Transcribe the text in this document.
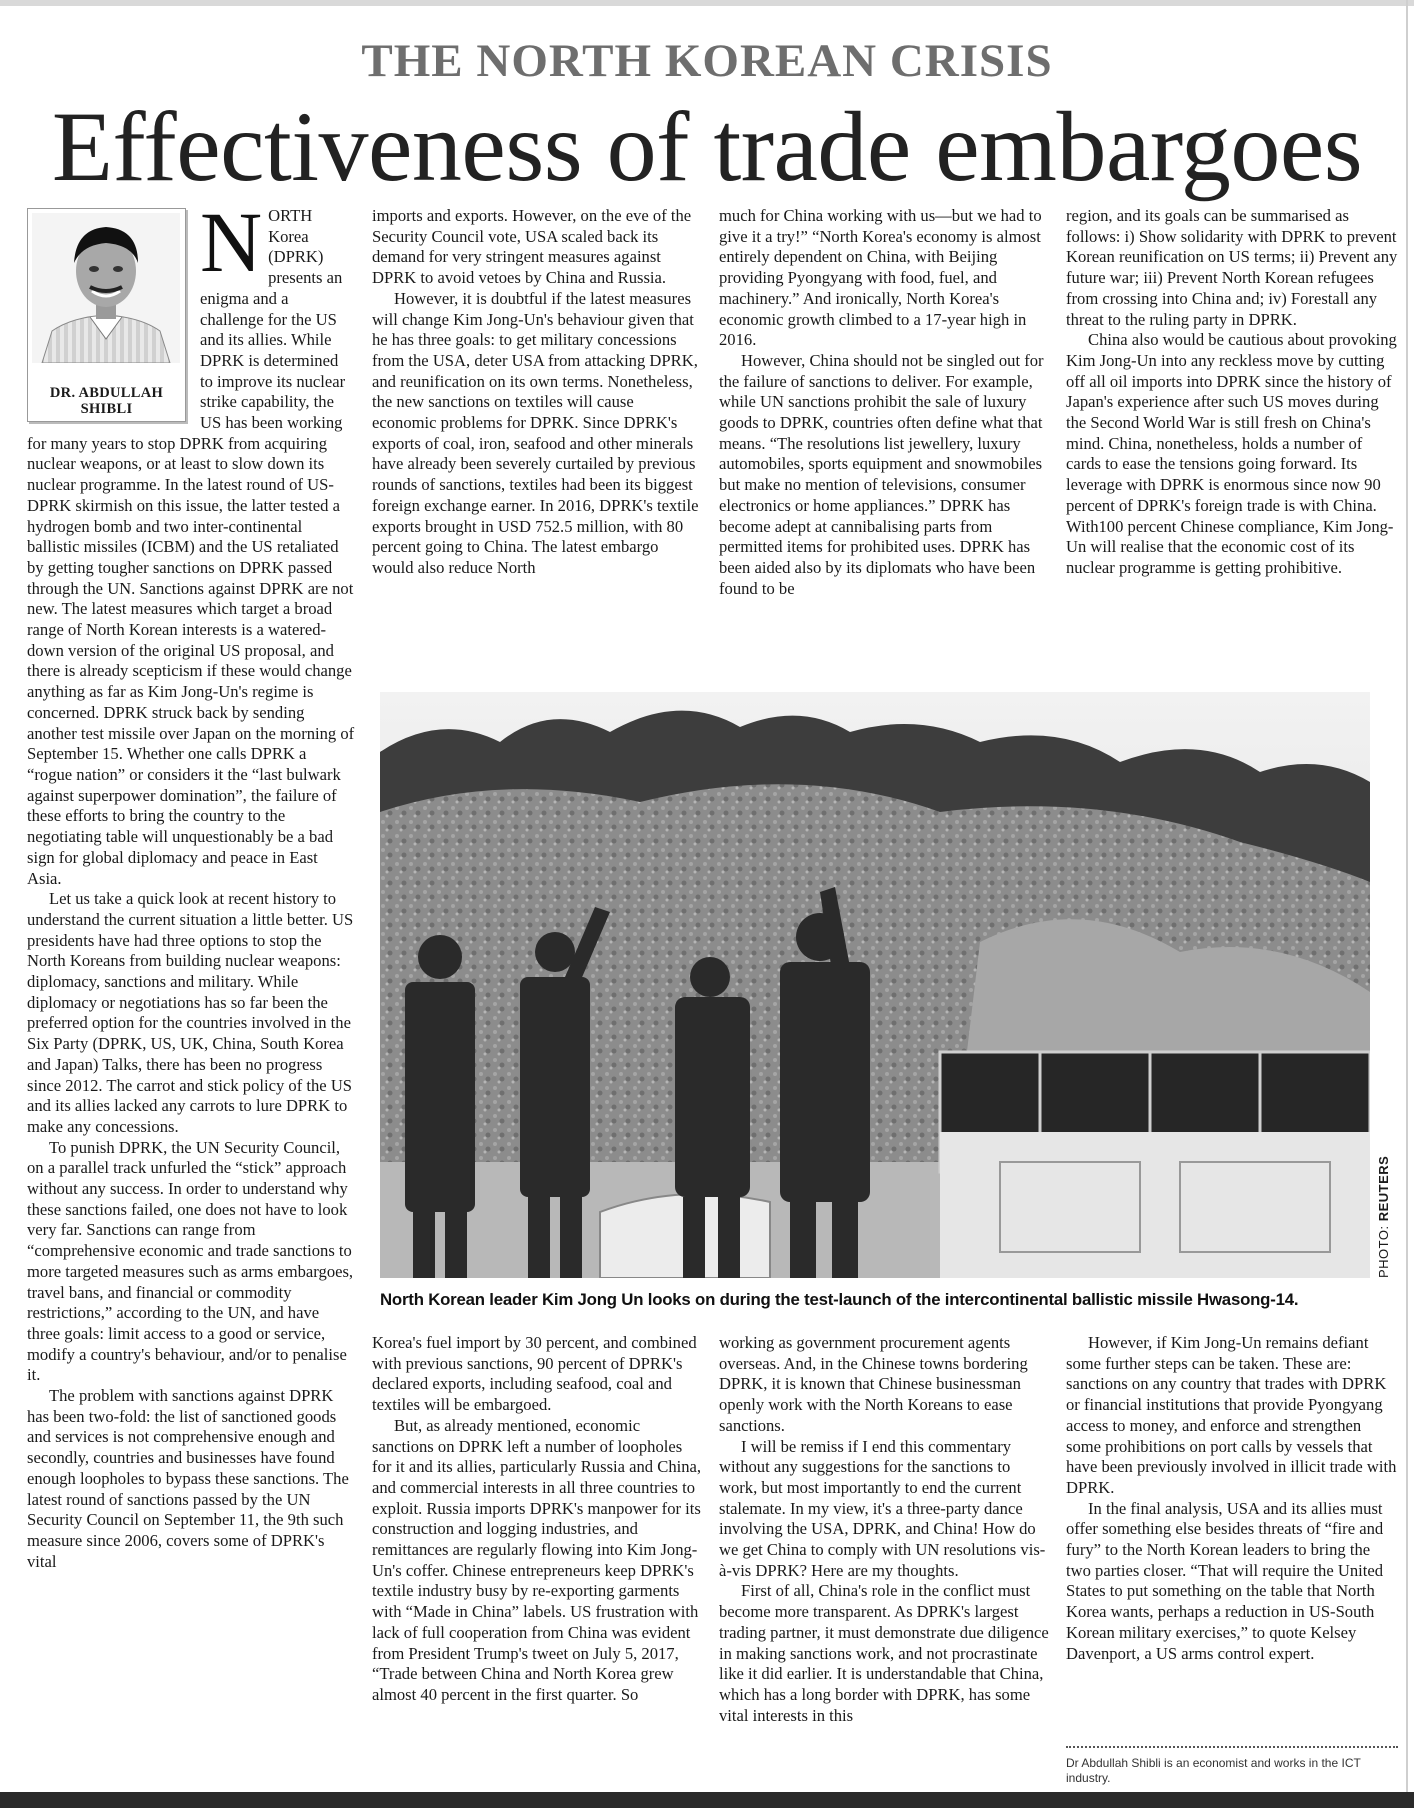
THE NORTH KOREAN CRISIS
Effectiveness of trade embargoes
DR. ABDULLAH
SHIBLI
N ORTH Korea (DPRK) presents an enigma and a challenge for the US and its allies. While DPRK is determined to improve its nuclear strike capability, the US has been working for many years to stop DPRK from acquiring nuclear weapons, or at least to slow down its nuclear programme. In the latest round of US-DPRK skirmish on this issue, the latter tested a hydrogen bomb and two inter-continental ballistic missiles (ICBM) and the US retaliated by getting tougher sanctions on DPRK passed through the UN. Sanctions against DPRK are not new. The latest measures which target a broad range of North Korean interests is a watered-down version of the original US proposal, and there is already scepticism if these would change anything as far as Kim Jong-Un's regime is concerned. DPRK struck back by sending another test missile over Japan on the morning of September 15. Whether one calls DPRK a “rogue nation” or considers it the “last bulwark against superpower domination”, the failure of these efforts to bring the country to the negotiating table will unquestionably be a bad sign for global diplomacy and peace in East Asia.

Let us take a quick look at recent history to understand the current situation a little better. US presidents have had three options to stop the North Koreans from building nuclear weapons: diplomacy, sanctions and military. While diplomacy or negotiations has so far been the preferred option for the countries involved in the Six Party (DPRK, US, UK, China, South Korea and Japan) Talks, there has been no progress since 2012. The carrot and stick policy of the US and its allies lacked any carrots to lure DPRK to make any concessions.

To punish DPRK, the UN Security Council, on a parallel track unfurled the “stick” approach without any success. In order to understand why these sanctions failed, one does not have to look very far. Sanctions can range from “comprehensive economic and trade sanctions to more targeted measures such as arms embargoes, travel bans, and financial or commodity restrictions,” according to the UN, and have three goals: limit access to a good or service, modify a country's behaviour, and/or to penalise it.

The problem with sanctions against DPRK has been two-fold: the list of sanctioned goods and services is not comprehensive enough and secondly, countries and businesses have found enough loopholes to bypass these sanctions. The latest round of sanctions passed by the UN Security Council on September 11, the 9th such measure since 2006, covers some of DPRK's vital

imports and exports. However, on the eve of the Security Council vote, USA scaled back its demand for very stringent measures against DPRK to avoid vetoes by China and Russia.

However, it is doubtful if the latest measures will change Kim Jong-Un's behaviour given that he has three goals: to get military concessions from the USA, deter USA from attacking DPRK, and reunification on its own terms. Nonetheless, the new sanctions on textiles will cause economic problems for DPRK. Since DPRK's exports of coal, iron, seafood and other minerals have already been severely curtailed by previous rounds of sanctions, textiles had been its biggest foreign exchange earner. In 2016, DPRK's textile exports brought in USD 752.5 million, with 80 percent going to China. The latest embargo would also reduce North

much for China working with us—but we had to give it a try!” “North Korea's economy is almost entirely dependent on China, with Beijing providing Pyongyang with food, fuel, and machinery.” And ironically, North Korea's economic growth climbed to a 17-year high in 2016.

However, China should not be singled out for the failure of sanctions to deliver. For example, while UN sanctions prohibit the sale of luxury goods to DPRK, countries often define what that means. “The resolutions list jewellery, luxury automobiles, sports equipment and snowmobiles but make no mention of televisions, consumer electronics or home appliances.” DPRK has become adept at cannibalising parts from permitted items for prohibited uses. DPRK has been aided also by its diplomats who have been found to be

region, and its goals can be summarised as follows: i) Show solidarity with DPRK to prevent Korean reunification on US terms; ii) Prevent any future war; iii) Prevent North Korean refugees from crossing into China and; iv) Forestall any threat to the ruling party in DPRK.

China also would be cautious about provoking Kim Jong-Un into any reckless move by cutting off all oil imports into DPRK since the history of Japan's experience after such US moves during the Second World War is still fresh on China's mind. China, nonetheless, holds a number of cards to ease the tensions going forward. Its leverage with DPRK is enormous since now 90 percent of DPRK's foreign trade is with China. With100 percent Chinese compliance, Kim Jong-Un will realise that the economic cost of its nuclear programme is getting prohibitive.

PHOTO: REUTERS
North Korean leader Kim Jong Un looks on during the test-launch of the intercontinental ballistic missile Hwasong-14.

Korea's fuel import by 30 percent, and combined with previous sanctions, 90 percent of DPRK's declared exports, including seafood, coal and textiles will be embargoed.

But, as already mentioned, economic sanctions on DPRK left a number of loopholes for it and its allies, particularly Russia and China, and commercial interests in all three countries to exploit. Russia imports DPRK's manpower for its construction and logging industries, and remittances are regularly flowing into Kim Jong-Un's coffer. Chinese entrepreneurs keep DPRK's textile industry busy by re-exporting garments with “Made in China” labels. US frustration with lack of full cooperation from China was evident from President Trump's tweet on July 5, 2017, “Trade between China and North Korea grew almost 40 percent in the first quarter. So

working as government procurement agents overseas. And, in the Chinese towns bordering DPRK, it is known that Chinese businessman openly work with the North Koreans to ease sanctions.

I will be remiss if I end this commentary without any suggestions for the sanctions to work, but most importantly to end the current stalemate. In my view, it's a three-party dance involving the USA, DPRK, and China! How do we get China to comply with UN resolutions vis-à-vis DPRK? Here are my thoughts.

First of all, China's role in the conflict must become more transparent. As DPRK's largest trading partner, it must demonstrate due diligence in making sanctions work, and not procrastinate like it did earlier. It is understandable that China, which has a long border with DPRK, has some vital interests in this

However, if Kim Jong-Un remains defiant some further steps can be taken. These are: sanctions on any country that trades with DPRK or financial institutions that provide Pyongyang access to money, and enforce and strengthen some prohibitions on port calls by vessels that have been previously involved in illicit trade with DPRK.

In the final analysis, USA and its allies must offer something else besides threats of “fire and fury” to the North Korean leaders to bring the two parties closer. “That will require the United States to put something on the table that North Korea wants, perhaps a reduction in US-South Korean military exercises,” to quote Kelsey Davenport, a US arms control expert.

Dr Abdullah Shibli is an economist and works in the ICT industry.
